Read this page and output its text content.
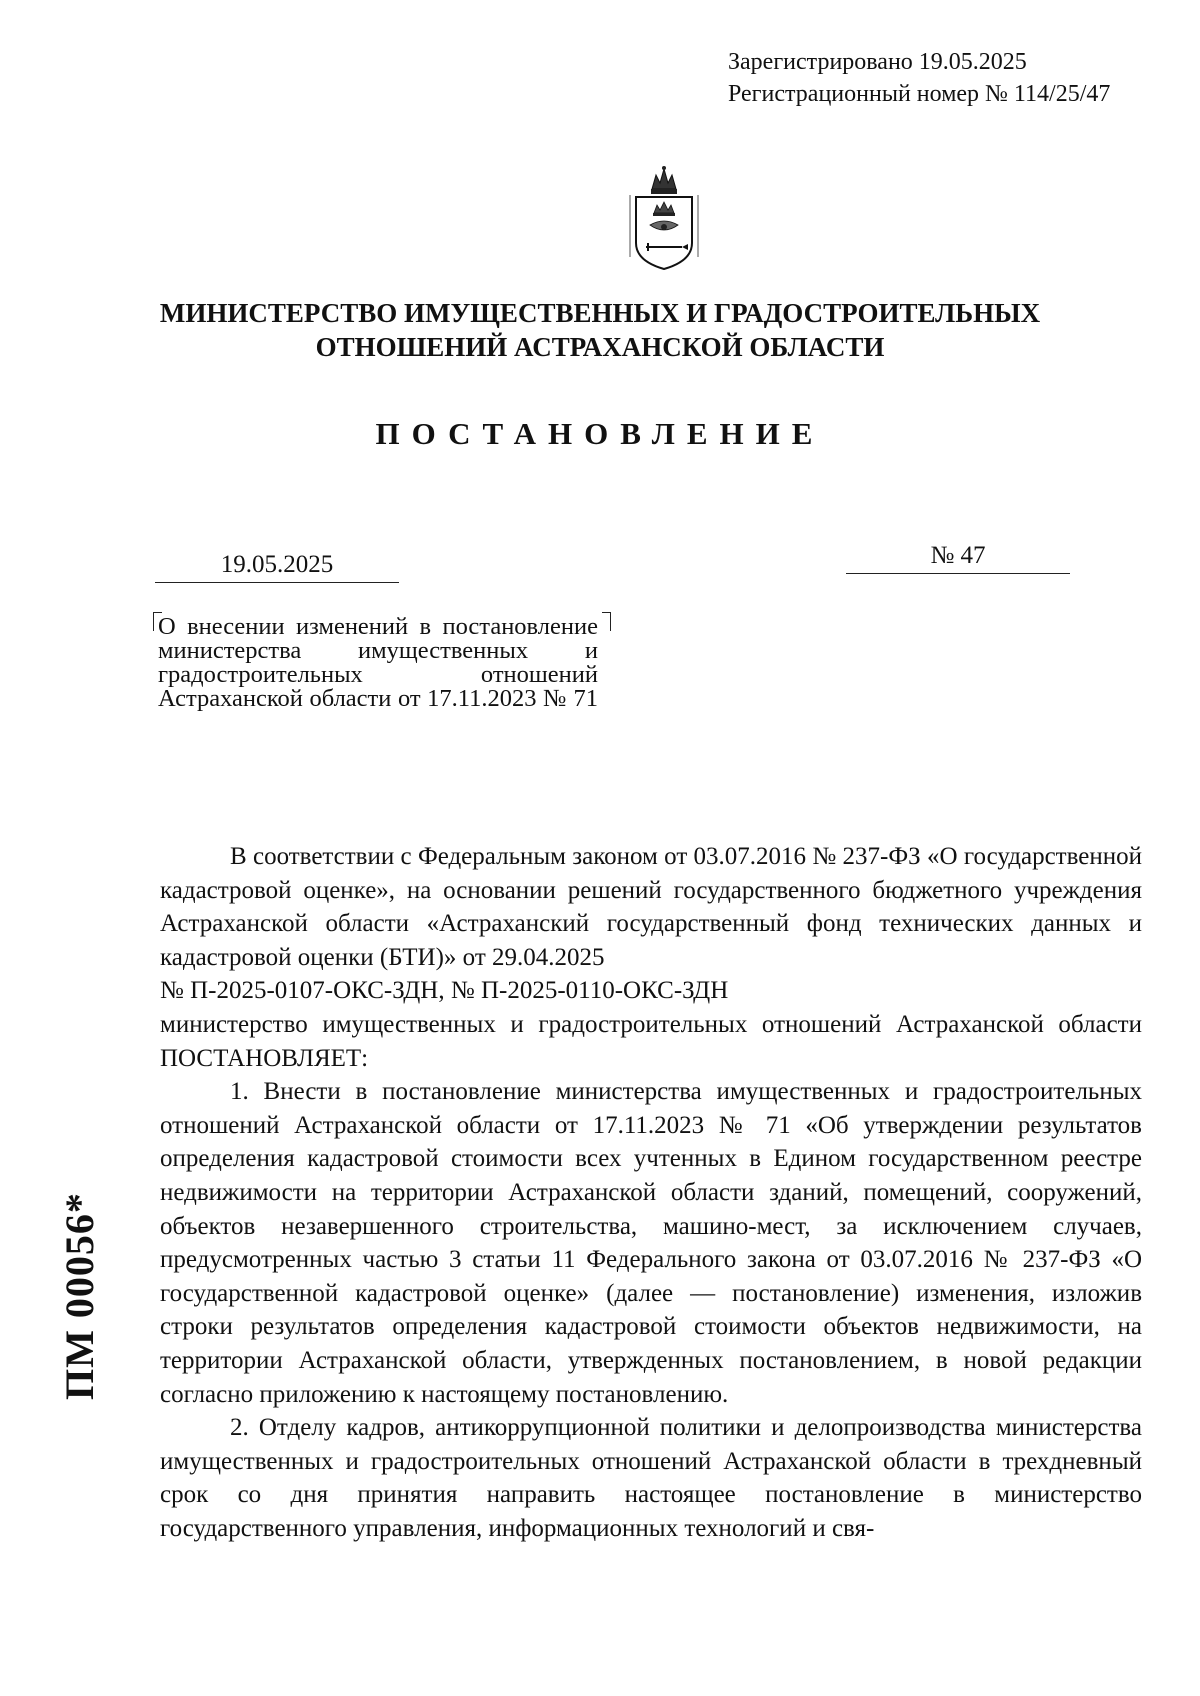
Зарегистрировано 19.05.2025
Регистрационный номер № 114/25/47
МИНИСТЕРСТВО ИМУЩЕСТВЕННЫХ И ГРАДОСТРОИТЕЛЬНЫХ
ОТНОШЕНИЙ АСТРАХАНСКОЙ ОБЛАСТИ
ПОСТАНОВЛЕНИЕ
19.05.2025	№ 47
О внесении изменений в постановление министерства имущественных и градостроительных отношений Астраханской области от 17.11.2023 № 71

В соответствии с Федеральным законом от 03.07.2016 № 237-ФЗ «О государственной кадастровой оценке», на основании решений государственного бюджетного учреждения Астраханской области «Астраханский государственный фонд технических данных и кадастровой оценки (БТИ)» от 29.04.2025

№ П-2025-0107-ОКС-ЗДН, № П-2025-0110-ОКС-ЗДН

министерство имущественных и градостроительных отношений Астраханской области ПОСТАНОВЛЯЕТ:

1. Внести в постановление министерства имущественных и градостроительных отношений Астраханской области от 17.11.2023 № 71 «Об утверждении результатов определения кадастровой стоимости всех учтенных в Едином государственном реестре недвижимости на территории Астраханской области зданий, помещений, сооружений, объектов незавершенного строительства, машино-мест, за исключением случаев, предусмотренных частью 3 статьи 11 Федерального закона от 03.07.2016 № 237-ФЗ «О государственной кадастровой оценке» (далее — постановление) изменения, изложив строки результатов определения кадастровой стоимости объектов недвижимости, на территории Астраханской области, утвержденных постановлением, в новой редакции согласно приложению к настоящему постановлению.

2. Отделу кадров, антикоррупционной политики и делопроизводства министерства имущественных и градостроительных отношений Астраханской области в трехдневный срок со дня принятия направить настоящее постановление в министерство государственного управления, информационных технологий и свя-

ПМ 00056*
